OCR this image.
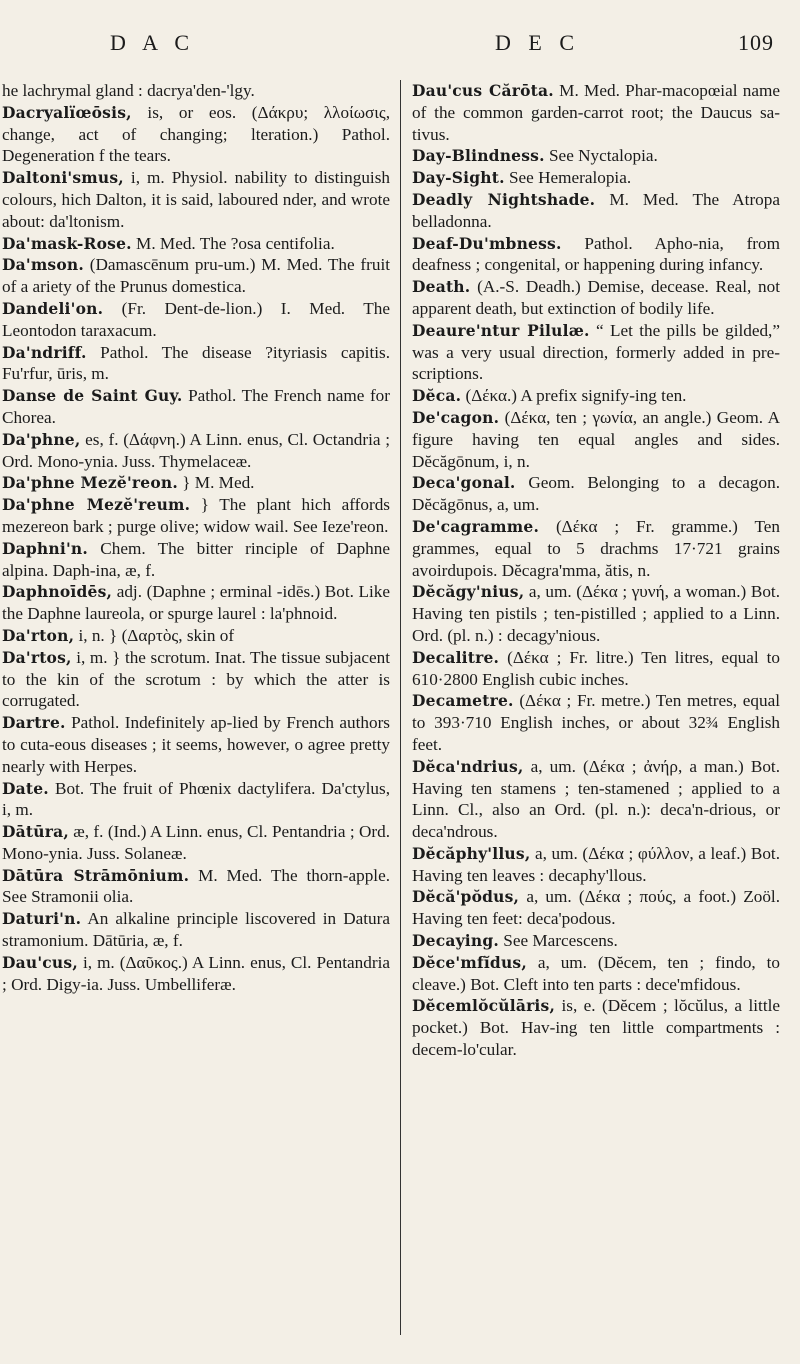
D A C	D E C	109

he lachrymal gland : dacrya'den-'lgy.

Dacryalïœōsis, is, or eos. (Δάκρυ; λλοίωσις, change, act of changing; lteration.) Pathol. Degeneration f the tears.

Daltoni'smus, i, m. Physiol. nability to distinguish colours, hich Dalton, it is said, laboured nder, and wrote about: da'ltonism.

Da'mask-Rose. M. Med. The ?osa centifolia.

Da'mson. (Damascēnum pru-um.) M. Med. The fruit of a ariety of the Prunus domestica.

Dandeli'on. (Fr. Dent-de-lion.) I. Med. The Leontodon taraxacum.

Da'ndriff. Pathol. The disease ?ityriasis capitis. Fu'rfur, ūris, m.

Danse de Saint Guy. Pathol. The French name for Chorea.

Da'phne, es, f. (Δάφνη.) A Linn. enus, Cl. Octandria ; Ord. Mono-ynia. Juss. Thymelaceæ.

Da'phne Mezĕ'reon. } M. Med.

Da'phne Mezĕ'reum. } The plant hich affords mezereon bark ; purge olive; widow wail. See Ieze'reon.

Daphni'n. Chem. The bitter rinciple of Daphne alpina. Daph-ina, æ, f.

Daphnoīdēs, adj. (Daphne ; erminal -idēs.) Bot. Like the Daphne laureola, or spurge laurel : la'phnoid.

Da'rton, i, n. } (Δαρτὸς, skin of

Da'rtos, i, m. } the scrotum. Inat. The tissue subjacent to the kin of the scrotum : by which the atter is corrugated.

Dartre. Pathol. Indefinitely ap-lied by French authors to cuta-eous diseases ; it seems, however, o agree pretty nearly with Herpes.

Date. Bot. The fruit of Phœnix dactylifera. Da'ctylus, i, m.

Dātūra, æ, f. (Ind.) A Linn. enus, Cl. Pentandria ; Ord. Mono-ynia. Juss. Solaneæ.

Dātūra Strāmōnium. M. Med. The thorn-apple. See Stramonii olia.

Daturi'n. An alkaline principle liscovered in Datura stramonium. Dātūria, æ, f.

Dau'cus, i, m. (Δαῦκος.) A Linn. enus, Cl. Pentandria ; Ord. Digy-ia. Juss. Umbelliferæ.

Dau'cus Cărōta. M. Med. Phar-macopœial name of the common garden-carrot root; the Daucus sa-tivus.

Day-Blindness. See Nyctalopia.

Day-Sight. See Hemeralopia.

Deadly Nightshade. M. Med. The Atropa belladonna.

Deaf-Du'mbness. Pathol. Apho-nia, from deafness ; congenital, or happening during infancy.

Death. (A.-S. Deadh.) Demise, decease. Real, not apparent death, but extinction of bodily life.

Deaure'ntur Pilulæ. “ Let the pills be gilded,” was a very usual direction, formerly added in pre-scriptions.

Dĕca. (Δέκα.) A prefix signify-ing ten.

De'cagon. (Δέκα, ten ; γωνία, an angle.) Geom. A figure having ten equal angles and sides. Dĕcăgōnum, i, n.

Deca'gonal. Geom. Belonging to a decagon. Dĕcăgōnus, a, um.

De'cagramme. (Δέκα ; Fr. gramme.) Ten grammes, equal to 5 drachms 17·721 grains avoirdupois. Dĕcagra'mma, ătis, n.

Dĕcăgy'nius, a, um. (Δέκα ; γυνή, a woman.) Bot. Having ten pistils ; ten-pistilled ; applied to a Linn. Ord. (pl. n.) : decagy'nious.

Decalitre. (Δέκα ; Fr. litre.) Ten litres, equal to 610·2800 English cubic inches.

Decametre. (Δέκα ; Fr. metre.) Ten metres, equal to 393·710 English inches, or about 32¾ English feet.

Dĕca'ndrius, a, um. (Δέκα ; ἀνήρ, a man.) Bot. Having ten stamens ; ten-stamened ; applied to a Linn. Cl., also an Ord. (pl. n.): deca'n-drious, or deca'ndrous.

Dĕcăphy'llus, a, um. (Δέκα ; φύλλον, a leaf.) Bot. Having ten leaves : decaphy'llous.

Dĕcă'pŏdus, a, um. (Δέκα ; πούς, a foot.) Zoöl. Having ten feet: deca'podous.

Decaying. See Marcescens.

Dĕce'mfĭdus, a, um. (Dĕcem, ten ; findo, to cleave.) Bot. Cleft into ten parts : dece'mfidous.

Dĕcemlŏcŭlāris, is, e. (Dĕcem ; lŏcŭlus, a little pocket.) Bot. Hav-ing ten little compartments : decem-lo'cular.
